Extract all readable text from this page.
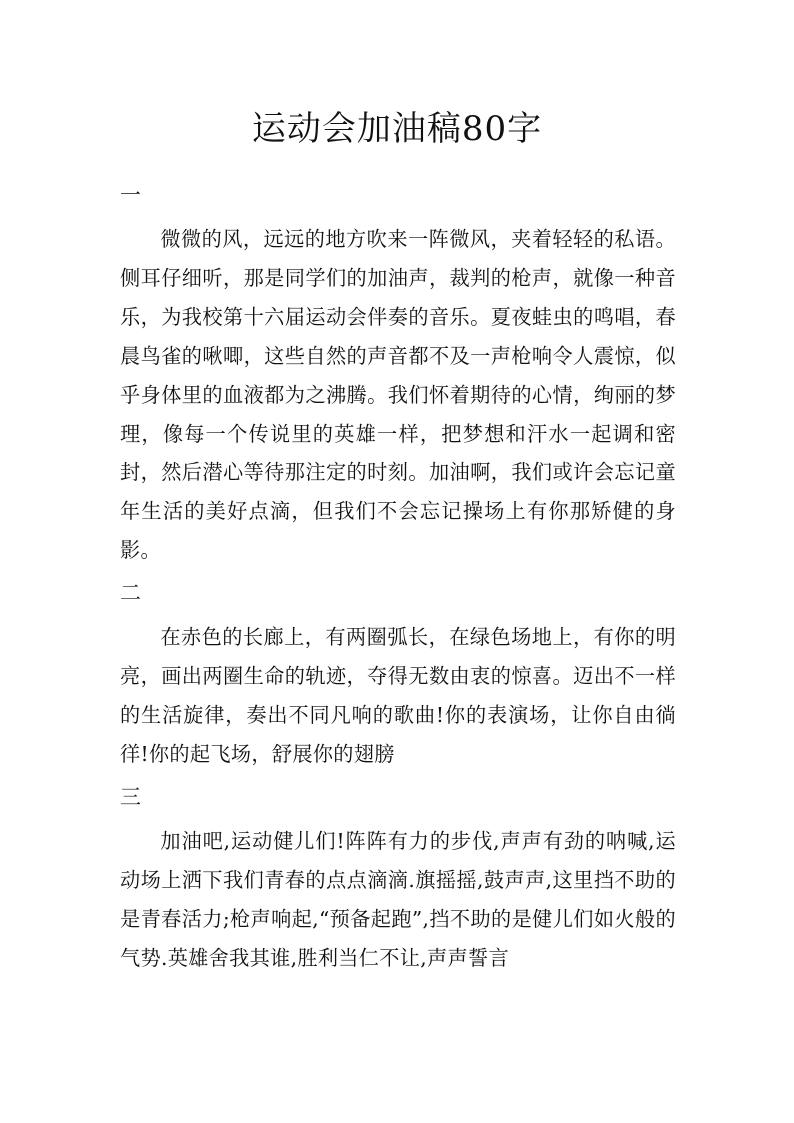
运动会加油稿80字
一

微微的风，远远的地方吹来一阵微风，夹着轻轻的私语。侧耳仔细听，那是同学们的加油声，裁判的枪声，就像一种音乐，为我校第十六届运动会伴奏的音乐。夏夜蛙虫的鸣唱，春晨鸟雀的啾唧，这些自然的声音都不及一声枪响令人震惊，似乎身体里的血液都为之沸腾。我们怀着期待的心情，绚丽的梦理，像每一个传说里的英雄一样，把梦想和汗水一起调和密封，然后潜心等待那注定的时刻。加油啊，我们或许会忘记童年生活的美好点滴，但我们不会忘记操场上有你那矫健的身影。

二

在赤色的长廊上，有两圈弧长，在绿色场地上，有你的明亮，画出两圈生命的轨迹，夺得无数由衷的惊喜。迈出不一样的生活旋律，奏出不同凡响的歌曲!你的表演场，让你自由徜徉!你的起飞场，舒展你的翅膀

三

加油吧,运动健儿们!阵阵有力的步伐,声声有劲的呐喊,运动场上洒下我们青春的点点滴滴.旗摇摇,鼓声声,这里挡不助的是青春活力;枪声响起,“预备起跑”,挡不助的是健儿们如火般的气势.英雄舍我其谁,胜利当仁不让,声声誓言
